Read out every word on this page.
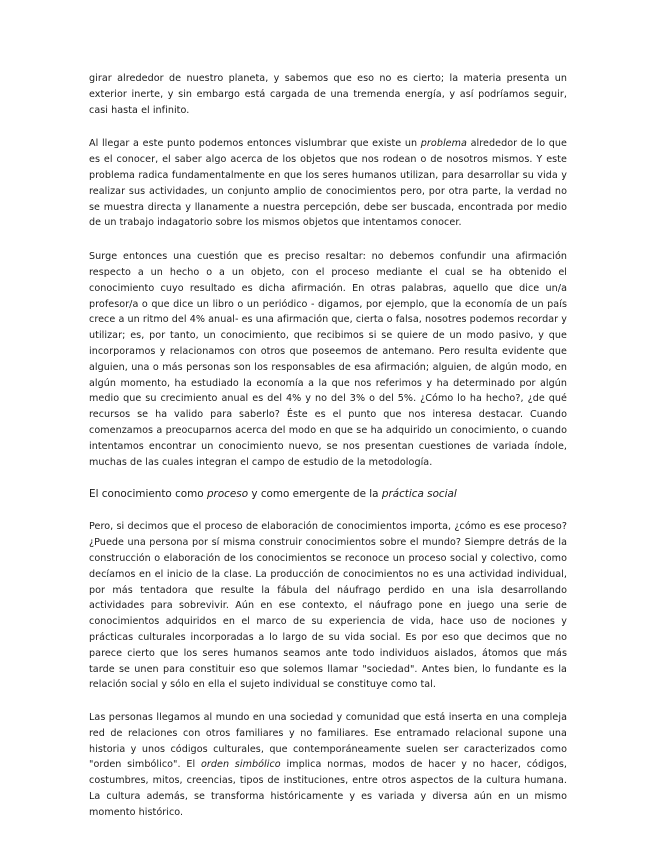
girar alrededor de nuestro planeta, y sabemos que eso no es cierto; la materia presenta un exterior inerte, y sin embargo está cargada de una tremenda energía, y así podríamos seguir, casi hasta el infinito.

Al llegar a este punto podemos entonces vislumbrar que existe un problema alrededor de lo que es el conocer, el saber algo acerca de los objetos que nos rodean o de nosotros mismos. Y este problema radica fundamentalmente en que los seres humanos utilizan, para desarrollar su vida y realizar sus actividades, un conjunto amplio de conocimientos pero, por otra parte, la verdad no se muestra directa y llanamente a nuestra percepción, debe ser buscada, encontrada por medio de un trabajo indagatorio sobre los mismos objetos que intentamos conocer.

Surge entonces una cuestión que es preciso resaltar: no debemos confundir una afirmación respecto a un hecho o a un objeto, con el proceso mediante el cual se ha obtenido el conocimiento cuyo resultado es dicha afirmación. En otras palabras, aquello que dice un/a profesor/a o que dice un libro o un periódico - digamos, por ejemplo, que la economía de un país crece a un ritmo del 4% anual- es una afirmación que, cierta o falsa, nosotres podemos recordar y utilizar; es, por tanto, un conocimiento, que recibimos si se quiere de un modo pasivo, y que incorporamos y relacionamos con otros que poseemos de antemano. Pero resulta evidente que alguien, una o más personas son los responsables de esa afirmación; alguien, de algún modo, en algún momento, ha estudiado la economía a la que nos referimos y ha determinado por algún medio que su crecimiento anual es del 4% y no del 3% o del 5%. ¿Cómo lo ha hecho?, ¿de qué recursos se ha valido para saberlo? Éste es el punto que nos interesa destacar. Cuando comenzamos a preocuparnos acerca del modo en que se ha adquirido un conocimiento, o cuando intentamos encontrar un conocimiento nuevo, se nos presentan cuestiones de variada índole, muchas de las cuales integran el campo de estudio de la metodología.

El conocimiento como proceso y como emergente de la práctica social

Pero, si decimos que el proceso de elaboración de conocimientos importa, ¿cómo es ese proceso? ¿Puede una persona por sí misma construir conocimientos sobre el mundo? Siempre detrás de la construcción o elaboración de los conocimientos se reconoce un proceso social y colectivo, como decíamos en el inicio de la clase. La producción de conocimientos no es una actividad individual, por más tentadora que resulte la fábula del náufrago perdido en una isla desarrollando actividades para sobrevivir. Aún en ese contexto, el náufrago pone en juego una serie de conocimientos adquiridos en el marco de su experiencia de vida, hace uso de nociones y prácticas culturales incorporadas a lo largo de su vida social. Es por eso que decimos que no parece cierto que los seres humanos seamos ante todo individuos aislados, átomos que más tarde se unen para constituir eso que solemos llamar "sociedad". Antes bien, lo fundante es la relación social y sólo en ella el sujeto individual se constituye como tal.

Las personas llegamos al mundo en una sociedad y comunidad que está inserta en una compleja red de relaciones con otros familiares y no familiares. Ese entramado relacional supone una historia y unos códigos culturales, que contemporáneamente suelen ser caracterizados como "orden simbólico". El orden simbólico implica normas, modos de hacer y no hacer, códigos, costumbres, mitos, creencias, tipos de instituciones, entre otros aspectos de la cultura humana. La cultura además, se transforma históricamente y es variada y diversa aún en un mismo momento histórico.
